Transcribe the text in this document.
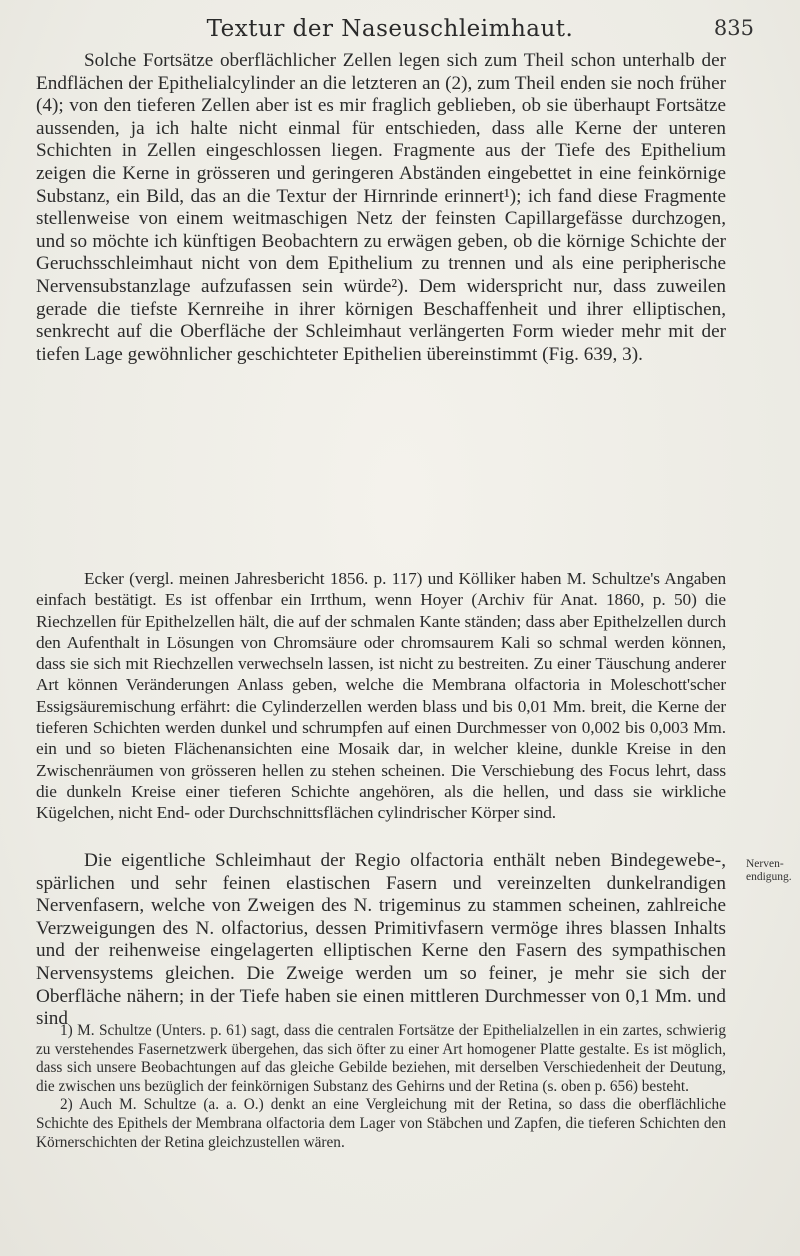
Textur der Naseuschleimhaut.	835

Solche Fortsätze oberflächlicher Zellen legen sich zum Theil schon unterhalb der Endflächen der Epithelialcylinder an die letzteren an (2), zum Theil enden sie noch früher (4); von den tieferen Zellen aber ist es mir fraglich geblieben, ob sie überhaupt Fortsätze aussenden, ja ich halte nicht einmal für entschieden, dass alle Kerne der unteren Schichten in Zellen eingeschlossen liegen. Fragmente aus der Tiefe des Epithelium zeigen die Kerne in grösseren und geringeren Abständen eingebettet in eine feinkörnige Substanz, ein Bild, das an die Textur der Hirnrinde erinnert¹); ich fand diese Fragmente stellenweise von einem weitmaschigen Netz der feinsten Capillargefässe durchzogen, und so möchte ich künftigen Beobachtern zu erwägen geben, ob die körnige Schichte der Geruchsschleimhaut nicht von dem Epithelium zu trennen und als eine peripherische Nervensubstanzlage aufzufassen sein würde²). Dem widerspricht nur, dass zuweilen gerade die tiefste Kernreihe in ihrer körnigen Beschaffenheit und ihrer elliptischen, senkrecht auf die Oberfläche der Schleimhaut verlängerten Form wieder mehr mit der tiefen Lage gewöhnlicher geschichteter Epithelien übereinstimmt (Fig. 639, 3).

Ecker (vergl. meinen Jahresbericht 1856. p. 117) und Kölliker haben M. Schultze's Angaben einfach bestätigt. Es ist offenbar ein Irrthum, wenn Hoyer (Archiv für Anat. 1860, p. 50) die Riechzellen für Epithelzellen hält, die auf der schmalen Kante ständen; dass aber Epithelzellen durch den Aufenthalt in Lösungen von Chromsäure oder chromsaurem Kali so schmal werden können, dass sie sich mit Riechzellen verwechseln lassen, ist nicht zu bestreiten. Zu einer Täuschung anderer Art können Veränderungen Anlass geben, welche die Membrana olfactoria in Moleschott'scher Essigsäuremischung erfährt: die Cylinderzellen werden blass und bis 0,01 Mm. breit, die Kerne der tieferen Schichten werden dunkel und schrumpfen auf einen Durchmesser von 0,002 bis 0,003 Mm. ein und so bieten Flächenansichten eine Mosaik dar, in welcher kleine, dunkle Kreise in den Zwischenräumen von grösseren hellen zu stehen scheinen. Die Verschiebung des Focus lehrt, dass die dunkeln Kreise einer tieferen Schichte angehören, als die hellen, und dass sie wirkliche Kügelchen, nicht End- oder Durchschnittsflächen cylindrischer Körper sind.

Die eigentliche Schleimhaut der Regio olfactoria enthält neben Bindegewebe-, spärlichen und sehr feinen elastischen Fasern und vereinzelten dunkelrandigen Nervenfasern, welche von Zweigen des N. trigeminus zu stammen scheinen, zahlreiche Verzweigungen des N. olfactorius, dessen Primitivfasern vermöge ihres blassen Inhalts und der reihenweise eingelagerten elliptischen Kerne den Fasern des sympathischen Nervensystems gleichen. Die Zweige werden um so feiner, je mehr sie sich der Oberfläche nähern; in der Tiefe haben sie einen mittleren Durchmesser von 0,1 Mm. und sind

Nerven-
endigung.

1) M. Schultze (Unters. p. 61) sagt, dass die centralen Fortsätze der Epithelialzellen in ein zartes, schwierig zu verstehendes Fasernetzwerk übergehen, das sich öfter zu einer Art homogener Platte gestalte. Es ist möglich, dass sich unsere Beobachtungen auf das gleiche Gebilde beziehen, mit derselben Verschiedenheit der Deutung, die zwischen uns bezüglich der feinkörnigen Substanz des Gehirns und der Retina (s. oben p. 656) besteht.

2) Auch M. Schultze (a. a. O.) denkt an eine Vergleichung mit der Retina, so dass die oberflächliche Schichte des Epithels der Membrana olfactoria dem Lager von Stäbchen und Zapfen, die tieferen Schichten den Körnerschichten der Retina gleichzustellen wären.
